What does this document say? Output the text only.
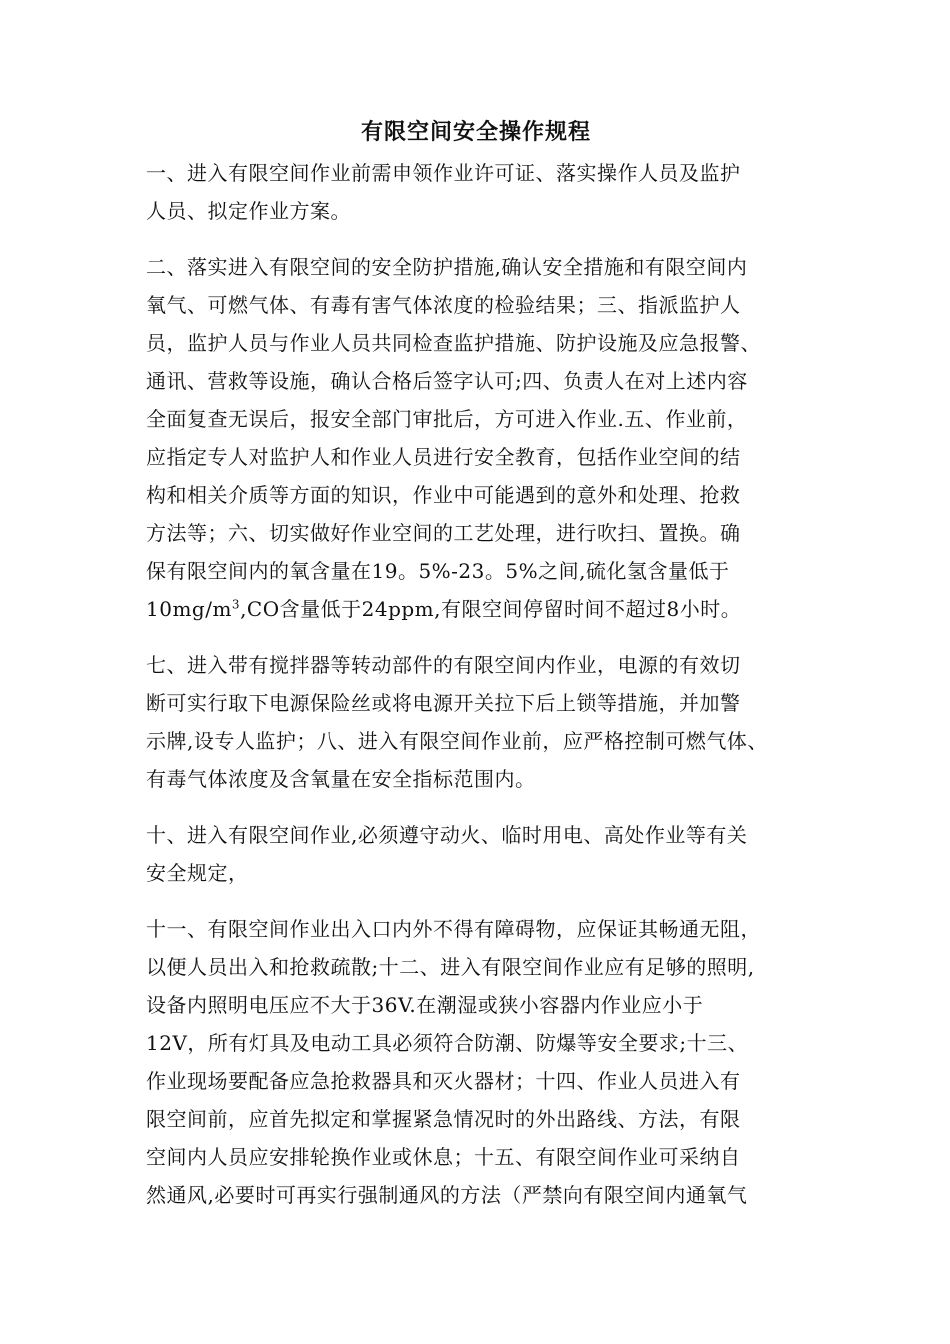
有限空间安全操作规程
一、进入有限空间作业前需申领作业许可证、落实操作人员及监护
人员、拟定作业方案。
二、落实进入有限空间的安全防护措施,确认安全措施和有限空间内
氧气、可燃气体、有毒有害气体浓度的检验结果；三、指派监护人
员，监护人员与作业人员共同检查监护措施、防护设施及应急报警、
通讯、营救等设施，确认合格后签字认可;四、负责人在对上述内容
全面复查无误后，报安全部门审批后，方可进入作业.五、作业前，
应指定专人对监护人和作业人员进行安全教育，包括作业空间的结
构和相关介质等方面的知识，作业中可能遇到的意外和处理、抢救
方法等；六、切实做好作业空间的工艺处理，进行吹扫、置换。确
保有限空间内的氧含量在19。5%-23。5%之间,硫化氢含量低于
$10mg/m^3,CO$含量低于24ppm,有限空间停留时间不超过8小时。
七、进入带有搅拌器等转动部件的有限空间内作业，电源的有效切
断可实行取下电源保险丝或将电源开关拉下后上锁等措施，并加警
示牌,设专人监护；八、进入有限空间作业前，应严格控制可燃气体、
有毒气体浓度及含氧量在安全指标范围内。
十、进入有限空间作业,必须遵守动火、临时用电、高处作业等有关
安全规定，
十一、有限空间作业出入口内外不得有障碍物，应保证其畅通无阻，
以便人员出入和抢救疏散;十二、进入有限空间作业应有足够的照明,
设备内照明电压应不大于36V.在潮湿或狭小容器内作业应小于
12V，所有灯具及电动工具必须符合防潮、防爆等安全要求;十三、
作业现场要配备应急抢救器具和灭火器材；十四、作业人员进入有
限空间前，应首先拟定和掌握紧急情况时的外出路线、方法，有限
空间内人员应安排轮换作业或休息；十五、有限空间作业可采纳自
然通风,必要时可再实行强制通风的方法（严禁向有限空间内通氧气
